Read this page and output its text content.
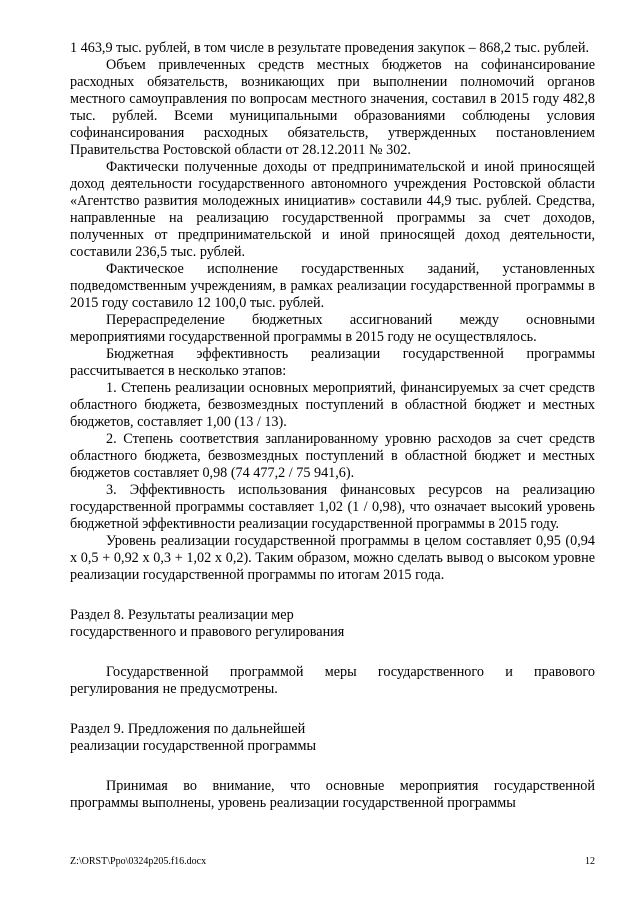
1 463,9 тыс. рублей, в том числе в результате проведения закупок – 868,2 тыс. рублей.

Объем привлеченных средств местных бюджетов на софинансирование расходных обязательств, возникающих при выполнении полномочий органов местного самоуправления по вопросам местного значения, составил в 2015 году 482,8 тыс. рублей. Всеми муниципальными образованиями соблюдены условия софинансирования расходных обязательств, утвержденных постановлением Правительства Ростовской области от 28.12.2011 № 302.

Фактически полученные доходы от предпринимательской и иной приносящей доход деятельности государственного автономного учреждения Ростовской области «Агентство развития молодежных инициатив» составили 44,9 тыс. рублей. Средства, направленные на реализацию государственной программы за счет доходов, полученных от предпринимательской и иной приносящей доход деятельности, составили 236,5 тыс. рублей.

Фактическое исполнение государственных заданий, установленных подведомственным учреждениям, в рамках реализации государственной программы в 2015 году составило 12 100,0 тыс. рублей.

Перераспределение бюджетных ассигнований между основными мероприятиями государственной программы в 2015 году не осуществлялось.

Бюджетная эффективность реализации государственной программы рассчитывается в несколько этапов:

1. Степень реализации основных мероприятий, финансируемых за счет средств областного бюджета, безвозмездных поступлений в областной бюджет и местных бюджетов, составляет 1,00 (13 / 13).

2. Степень соответствия запланированному уровню расходов за счет средств областного бюджета, безвозмездных поступлений в областной бюджет и местных бюджетов составляет 0,98 (74 477,2 / 75 941,6).

3. Эффективность использования финансовых ресурсов на реализацию государственной программы составляет 1,02 (1 / 0,98), что означает высокий уровень бюджетной эффективности реализации государственной программы в 2015 году.

Уровень реализации государственной программы в целом составляет 0,95 (0,94 х 0,5 + 0,92 х 0,3 + 1,02 х 0,2). Таким образом, можно сделать вывод о высоком уровне реализации государственной программы по итогам 2015 года.

Раздел 8. Результаты реализации мер

государственного и правового регулирования

Государственной программой меры государственного и правового регулирования не предусмотрены.

Раздел 9. Предложения по дальнейшей

реализации государственной программы

Принимая во внимание, что основные мероприятия государственной программы выполнены, уровень реализации государственной программы

Z:\ORST\Ppo\0324p205.f16.docx	12
